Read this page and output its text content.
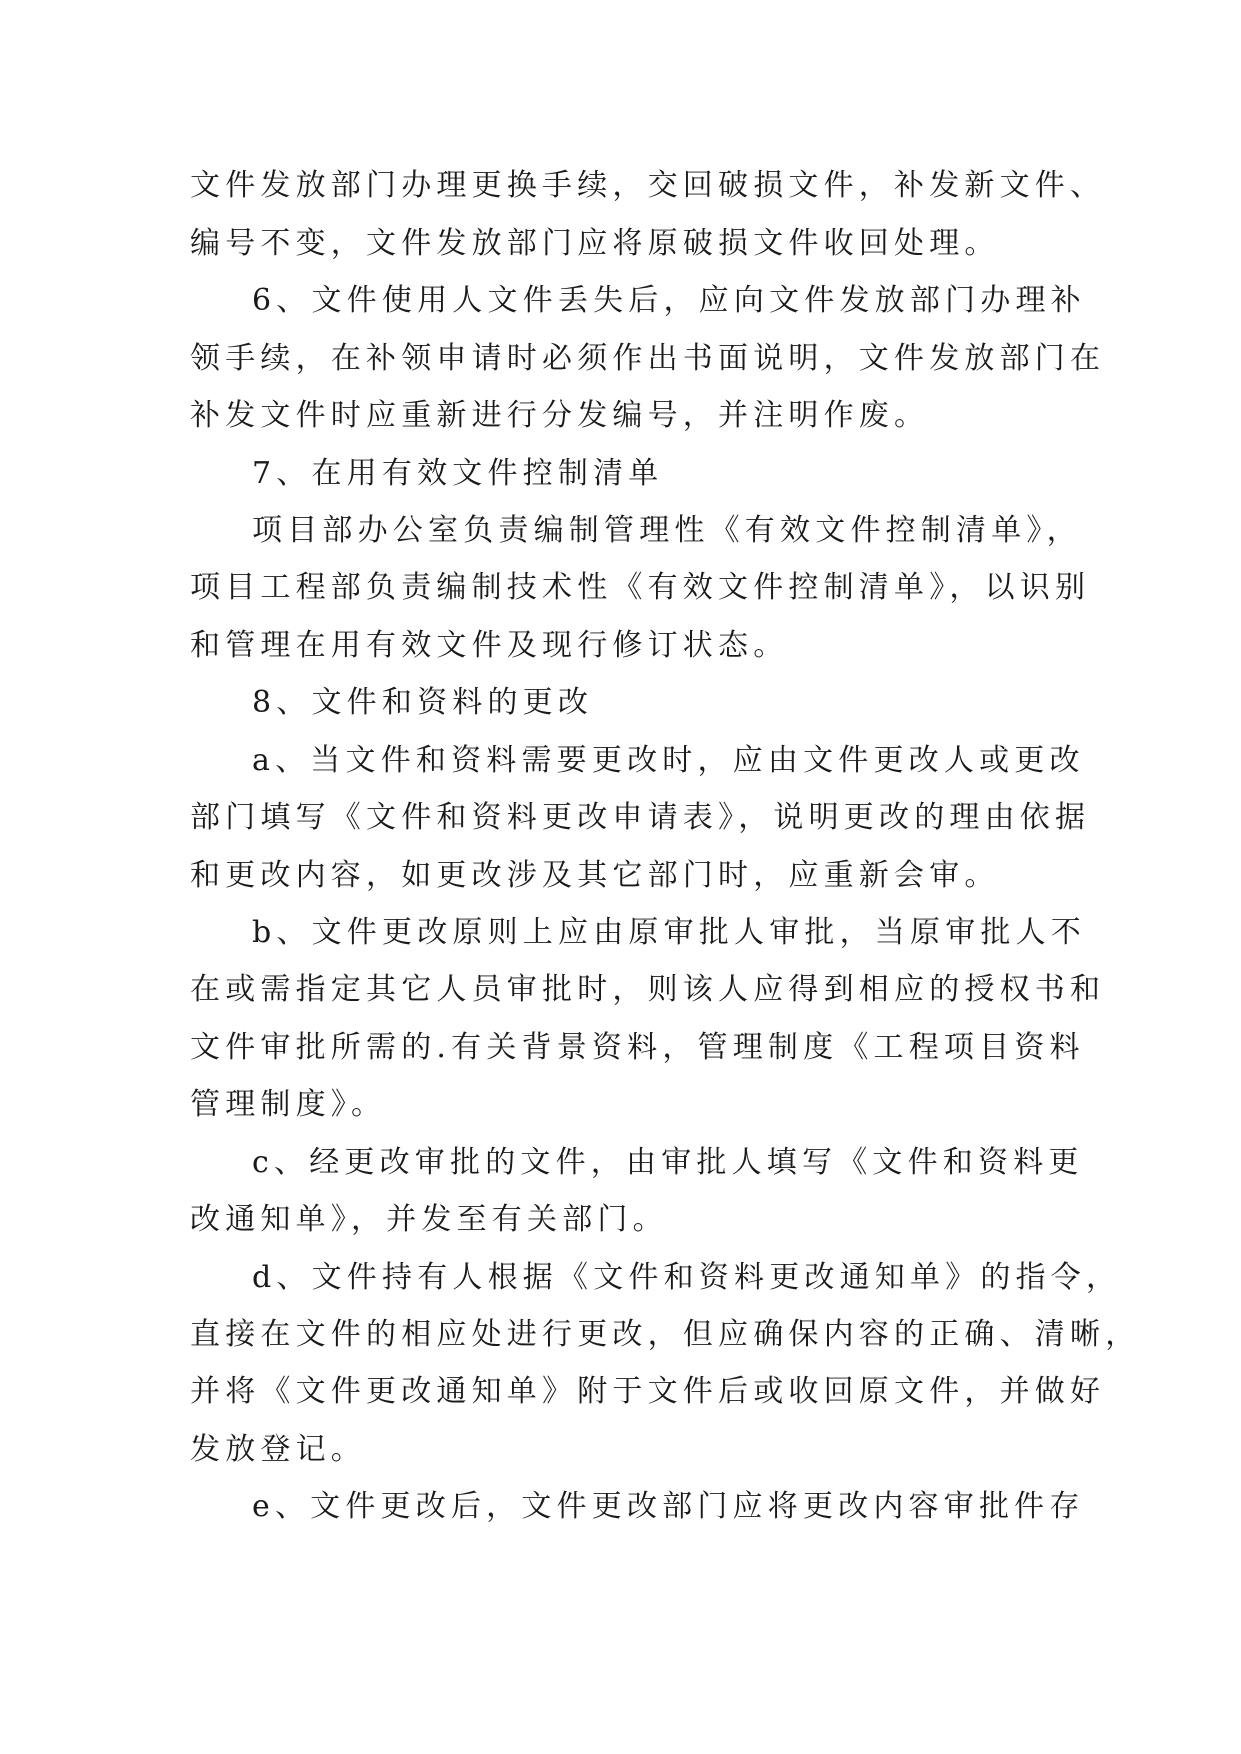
文件发放部门办理更换手续，交回破损文件，补发新文件、

编号不变，文件发放部门应将原破损文件收回处理。

6、文件使用人文件丢失后，应向文件发放部门办理补

领手续，在补领申请时必须作出书面说明，文件发放部门在

补发文件时应重新进行分发编号，并注明作废。

7、在用有效文件控制清单

项目部办公室负责编制管理性《有效文件控制清单》，

项目工程部负责编制技术性《有效文件控制清单》，以识别

和管理在用有效文件及现行修订状态。

8、文件和资料的更改

a、当文件和资料需要更改时，应由文件更改人或更改

部门填写《文件和资料更改申请表》，说明更改的理由依据

和更改内容，如更改涉及其它部门时，应重新会审。

b、文件更改原则上应由原审批人审批，当原审批人不

在或需指定其它人员审批时，则该人应得到相应的授权书和

文件审批所需的.有关背景资料，管理制度《工程项目资料

管理制度》。

c、经更改审批的文件，由审批人填写《文件和资料更

改通知单》，并发至有关部门。

d、文件持有人根据《文件和资料更改通知单》的指令，

直接在文件的相应处进行更改，但应确保内容的正确、清晰，

并将《文件更改通知单》附于文件后或收回原文件，并做好

发放登记。

e、文件更改后，文件更改部门应将更改内容审批件存
